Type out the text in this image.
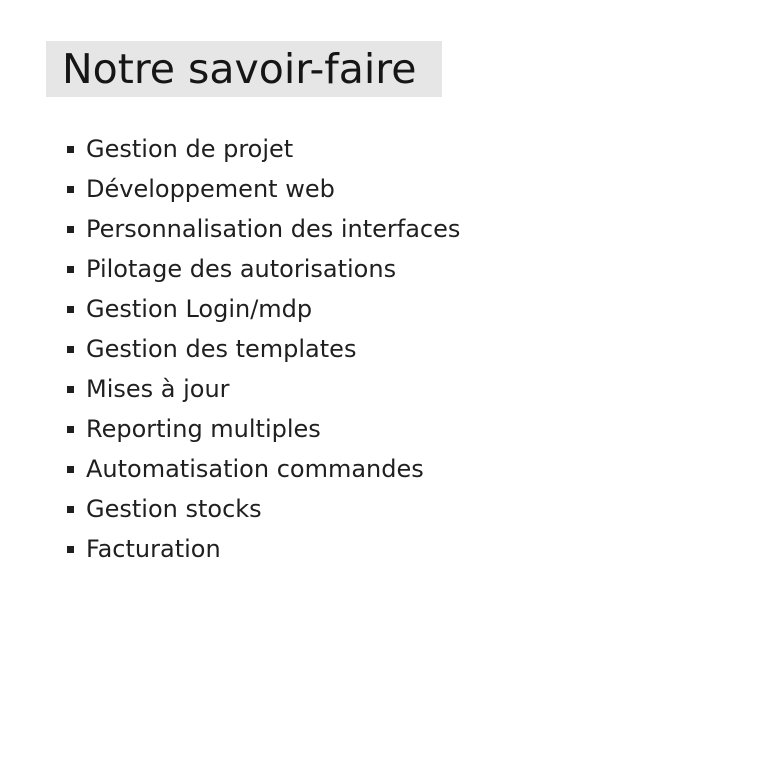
Notre savoir-faire
Gestion de projet
Développement web
Personnalisation des interfaces
Pilotage des autorisations
Gestion Login/mdp
Gestion des templates
Mises à jour
Reporting multiples
Automatisation commandes
Gestion stocks
Facturation
